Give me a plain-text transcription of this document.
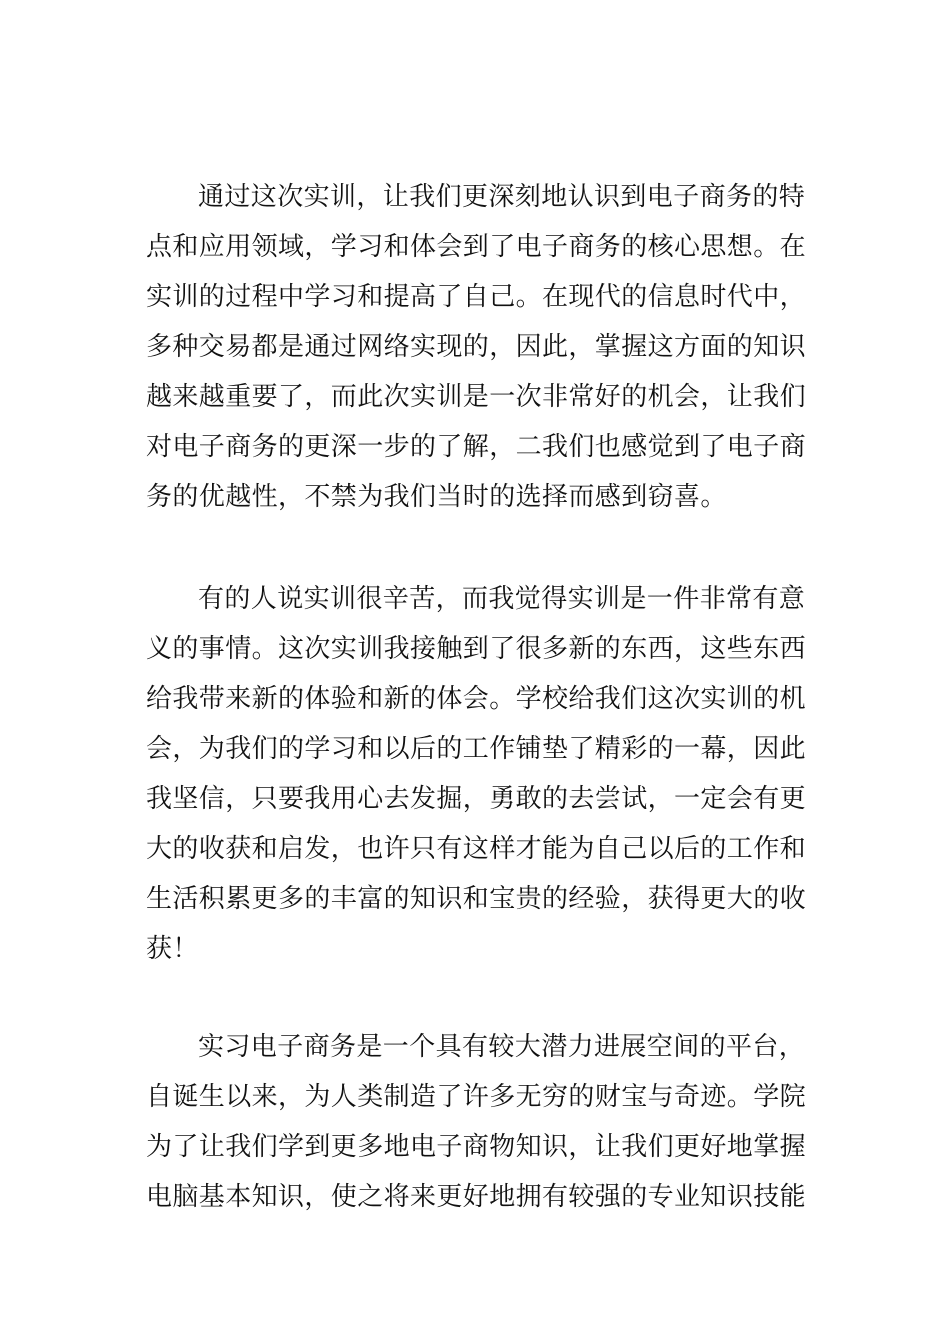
通过这次实训，让我们更深刻地认识到电子商务的特
点和应用领域，学习和体会到了电子商务的核心思想。在
实训的过程中学习和提高了自己。在现代的信息时代中，
多种交易都是通过网络实现的，因此，掌握这方面的知识
越来越重要了，而此次实训是一次非常好的机会，让我们
对电子商务的更深一步的了解，二我们也感觉到了电子商
务的优越性，不禁为我们当时的选择而感到窃喜。
有的人说实训很辛苦，而我觉得实训是一件非常有意
义的事情。这次实训我接触到了很多新的东西，这些东西
给我带来新的体验和新的体会。学校给我们这次实训的机
会，为我们的学习和以后的工作铺垫了精彩的一幕，因此
我坚信，只要我用心去发掘，勇敢的去尝试，一定会有更
大的收获和启发，也许只有这样才能为自己以后的工作和
生活积累更多的丰富的知识和宝贵的经验，获得更大的收
获！
实习电子商务是一个具有较大潜力进展空间的平台，
自诞生以来，为人类制造了许多无穷的财宝与奇迹。学院
为了让我们学到更多地电子商物知识，让我们更好地掌握
电脑基本知识，使之将来更好地拥有较强的专业知识技能
